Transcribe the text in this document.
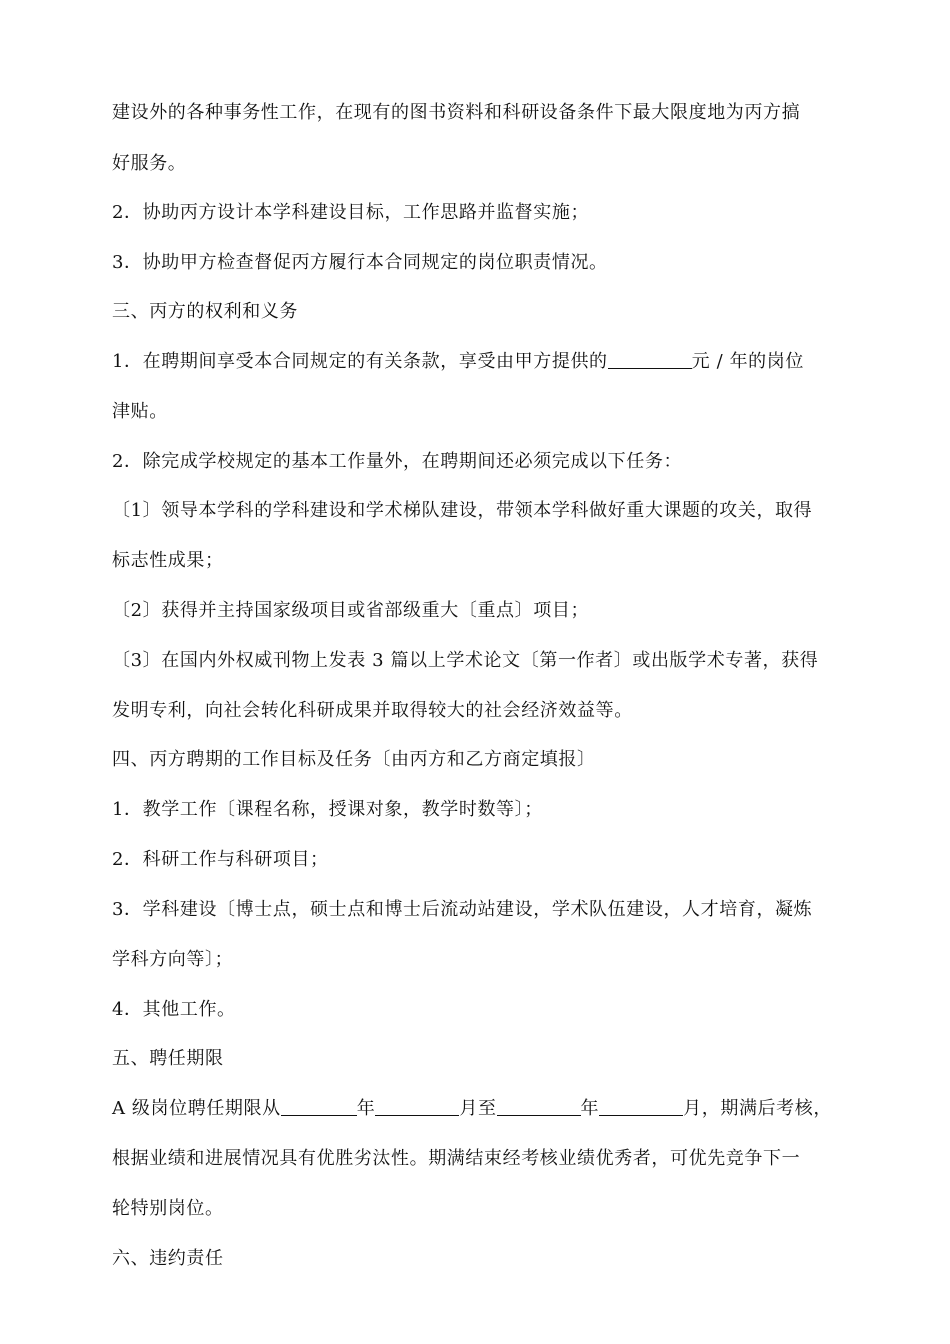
建设外的各种事务性工作，在现有的图书资料和科研设备条件下最大限度地为丙方搞
好服务。
2．协助丙方设计本学科建设目标，工作思路并监督实施；
3．协助甲方检查督促丙方履行本合同规定的岗位职责情况。
三、丙方的权利和义务
1．在聘期间享受本合同规定的有关条款，享受由甲方提供的	元 / 年的岗位
津贴。
2．除完成学校规定的基本工作量外，在聘期间还必须完成以下任务：
〔1〕领导本学科的学科建设和学术梯队建设，带领本学科做好重大课题的攻关，取得
标志性成果；
〔2〕获得并主持国家级项目或省部级重大〔重点〕项目；
〔3〕在国内外权威刊物上发表 3 篇以上学术论文〔第一作者〕或出版学术专著，获得
发明专利，向社会转化科研成果并取得较大的社会经济效益等。
四、丙方聘期的工作目标及任务〔由丙方和乙方商定填报〕
1．教学工作〔课程名称，授课对象，教学时数等〕；
2．科研工作与科研项目；
3．学科建设〔博士点，硕士点和博士后流动站建设，学术队伍建设，人才培育，凝炼
学科方向等〕；
4．其他工作。
五、聘任期限
A 级岗位聘任期限从	年	月至	年	月，期满后考核，
根据业绩和进展情况具有优胜劣汰性。期满结束经考核业绩优秀者，可优先竞争下一
轮特别岗位。
六、违约责任
